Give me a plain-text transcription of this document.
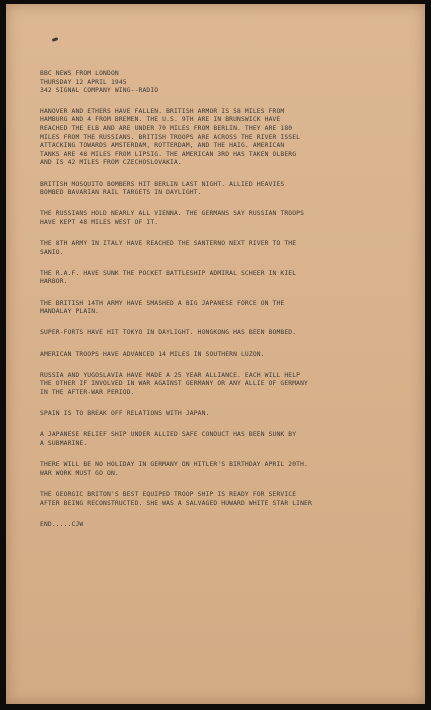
BBC NEWS FROM LONDON
THURSDAY 12 APRIL 1945
342 SIGNAL COMPANY WING--RADIO
HANOVER AND ETHERS HAVE FALLEN. BRITISH ARMOR IS 58 MILES FROM
HAMBURG AND 4 FROM BREMEN. THE U.S. 9TH ARE IN BRUNSWICK HAVE
REACHED THE ELB AND ARE UNDER 70 MILES FROM BERLIN. THEY ARE 180
MILES FROM THE RUSSIANS. BRITISH TROOPS ARE ACROSS THE RIVER ISSEL
ATTACKING TOWARDS AMSTERDAM, ROTTERDAM, AND THE HAIG. AMERICAN
TANKS ARE 48 MILES FROM LIPSIG. THE AMERICAN 3RD HAS TAKEN OLBERG
AND IS 42 MILES FROM CZECHOSLOVAKIA.
BRITISH MOSQUITO BOMBERS HIT BERLIN LAST NIGHT. ALLIED HEAVIES
BOMBED BAVARIAN RAIL TARGETS IN DAYLIGHT.
THE RUSSIANS HOLD NEARLY ALL VIENNA. THE GERMANS SAY RUSSIAN TROOPS
HAVE KEPT 48 MILES WEST OF IT.
THE 8TH ARMY IN ITALY HAVE REACHED THE SANTERNO NEXT RIVER TO THE
SANIO.
THE R.A.F. HAVE SUNK THE POCKET BATTLESHIP ADMIRAL SCHEER IN KIEL
HARBOR.
THE BRITISH 14TH ARMY HAVE SMASHED A BIG JAPANESE FORCE ON THE
MANDALAY PLAIN.
SUPER-FORTS HAVE HIT TOKYO IN DAYLIGHT. HONGKONG HAS BEEN BOMBED.
AMERICAN TROOPS HAVE ADVANCED 14 MILES IN SOUTHERN LUZON.
RUSSIA AND YUGOSLAVIA HAVE MADE A 25 YEAR ALLIANCE. EACH WILL HELP
THE OTHER IF INVOLVED IN WAR AGAINST GERMANY OR ANY ALLIE OF GERMANY
IN THE AFTER-WAR PERIOD.
SPAIN IS TO BREAK OFF RELATIONS WITH JAPAN.
A JAPANESE RELIEF SHIP UNDER ALLIED SAFE CONDUCT HAS BEEN SUNK BY
A SUBMARINE.
THERE WILL BE NO HOLIDAY IN GERMANY ON HITLER'S BIRTHDAY APRIL 20TH.
WAR WORK MUST GO ON.
THE GEORGIC BRITON'S BEST EQUIPED TROOP SHIP IS READY FOR SERVICE
AFTER BEING RECONSTRUCTED. SHE WAS A SALVAGED HUWARD WHITE STAR LINER
END.....CJW
